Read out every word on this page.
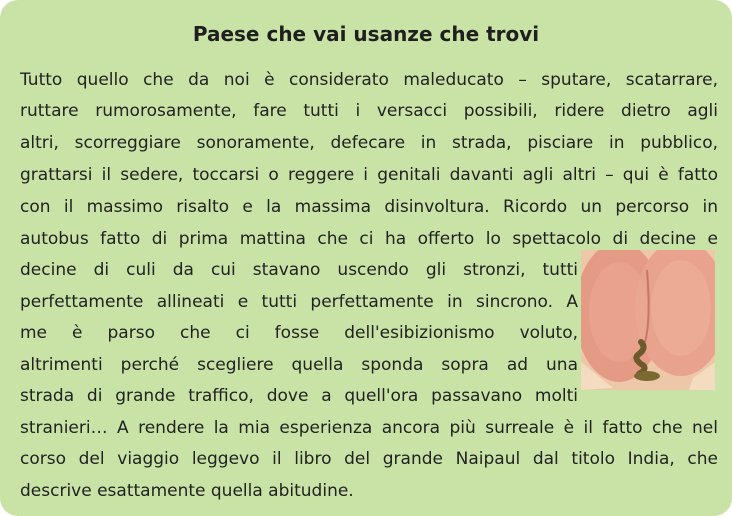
Paese che vai usanze che trovi
Tutto quello che da noi è considerato maleducato – sputare, scatarrare,
ruttare rumorosamente, fare tutti i versacci possibili, ridere dietro agli
altri, scorreggiare sonoramente, defecare in strada, pisciare in pubblico,
grattarsi il sedere, toccarsi o reggere i genitali davanti agli altri – qui è fatto
con il massimo risalto e la massima disinvoltura. Ricordo un percorso in
autobus fatto di prima mattina che ci ha offerto lo spettacolo di decine e
decine di culi da cui stavano uscendo gli stronzi, tutti
perfettamente allineati e tutti perfettamente in sincrono. A
me è parso che ci fosse dell'esibizionismo voluto,
altrimenti perché scegliere quella sponda sopra ad una
strada di grande traffico, dove a quell'ora passavano molti
stranieri… A rendere la mia esperienza ancora più surreale è il fatto che nel
corso del viaggio leggevo il libro del grande Naipaul dal titolo India, che
descrive esattamente quella abitudine.
